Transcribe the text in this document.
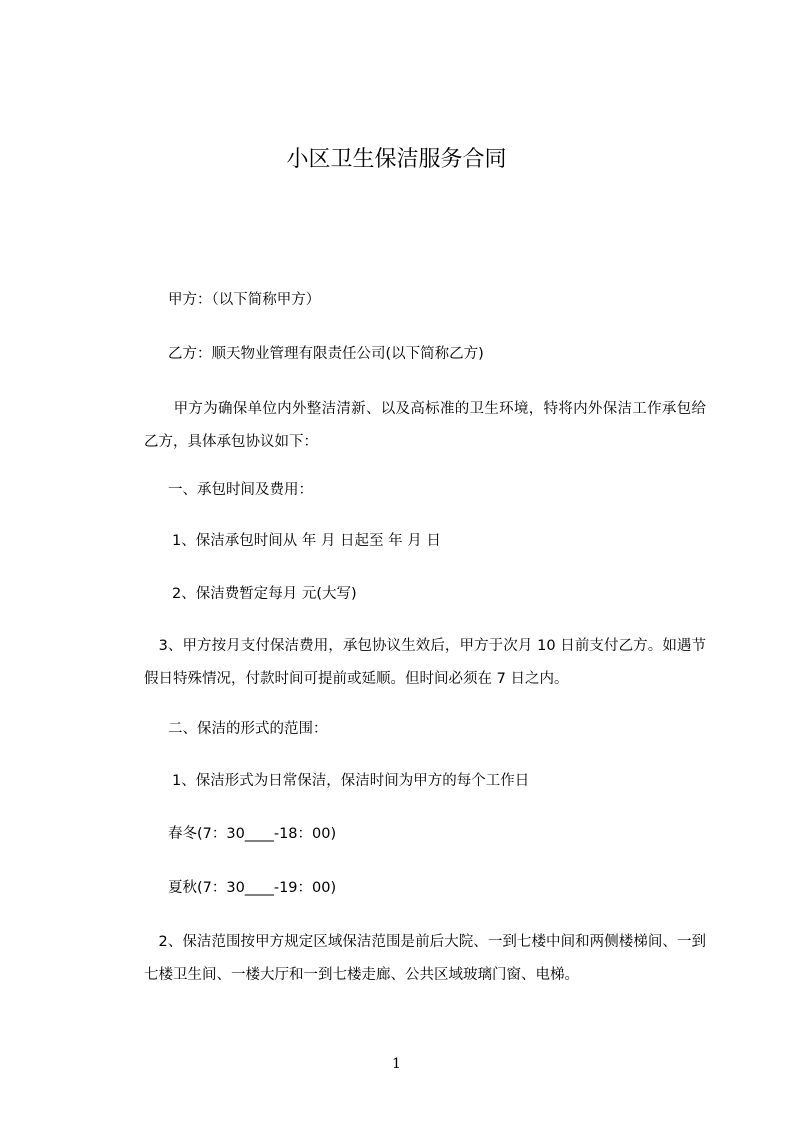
小区卫生保洁服务合同
甲方：（以下简称甲方）
乙方：顺天物业管理有限责任公司(以下简称乙方)
　　甲方为确保单位内外整洁清新、以及高标准的卫生环境，特将内外保洁工作承包给乙方，具体承包协议如下：
一、承包时间及费用：
1、保洁承包时间从 年 月 日起至 年 月 日
2、保洁费暂定每月 元(大写)
　3、甲方按月支付保洁费用，承包协议生效后，甲方于次月 10 日前支付乙方。如遇节假日特殊情况，付款时间可提前或延顺。但时间必须在 7 日之内。
二、保洁的形式的范围：
1、保洁形式为日常保洁，保洁时间为甲方的每个工作日
春冬(7：30____-18：00)
夏秋(7：30____-19：00)
　2、保洁范围按甲方规定区域保洁范围是前后大院、一到七楼中间和两侧楼梯间、一到七楼卫生间、一楼大厅和一到七楼走廊、公共区域玻璃门窗、电梯。
1
